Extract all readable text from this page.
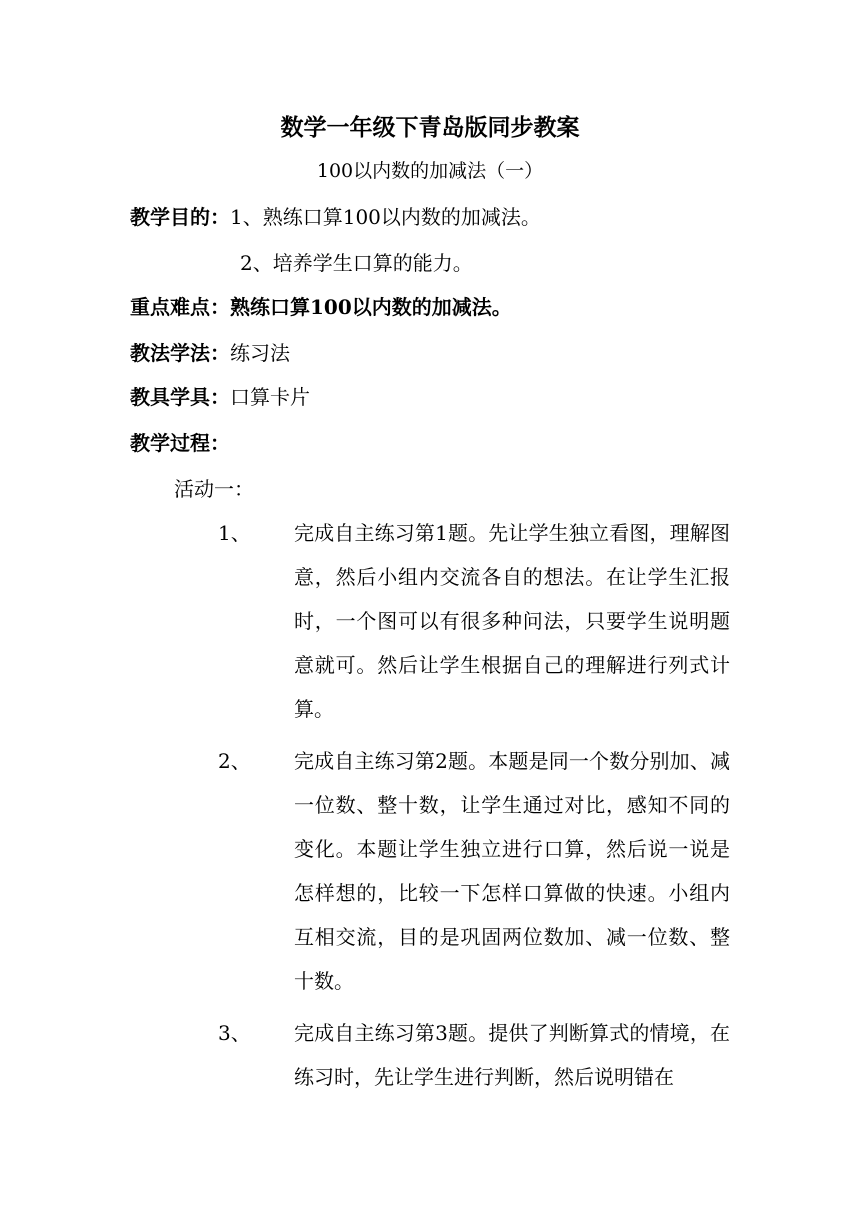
数学一年级下青岛版同步教案
100以内数的加减法（一）
教学目的：1、熟练口算100以内数的加减法。
2、培养学生口算的能力。
重点难点：熟练口算100以内数的加减法。
教法学法：练习法
教具学具：口算卡片
教学过程：
活动一：
1、 完成自主练习第1题。先让学生独立看图，理解图意，然后小组内交流各自的想法。在让学生汇报时，一个图可以有很多种问法，只要学生说明题意就可。然后让学生根据自己的理解进行列式计算。
2、 完成自主练习第2题。本题是同一个数分别加、减一位数、整十数，让学生通过对比，感知不同的变化。本题让学生独立进行口算，然后说一说是怎样想的，比较一下怎样口算做的快速。小组内互相交流，目的是巩固两位数加、减一位数、整十数。
3、 完成自主练习第3题。提供了判断算式的情境，在练习时，先让学生进行判断，然后说明错在
